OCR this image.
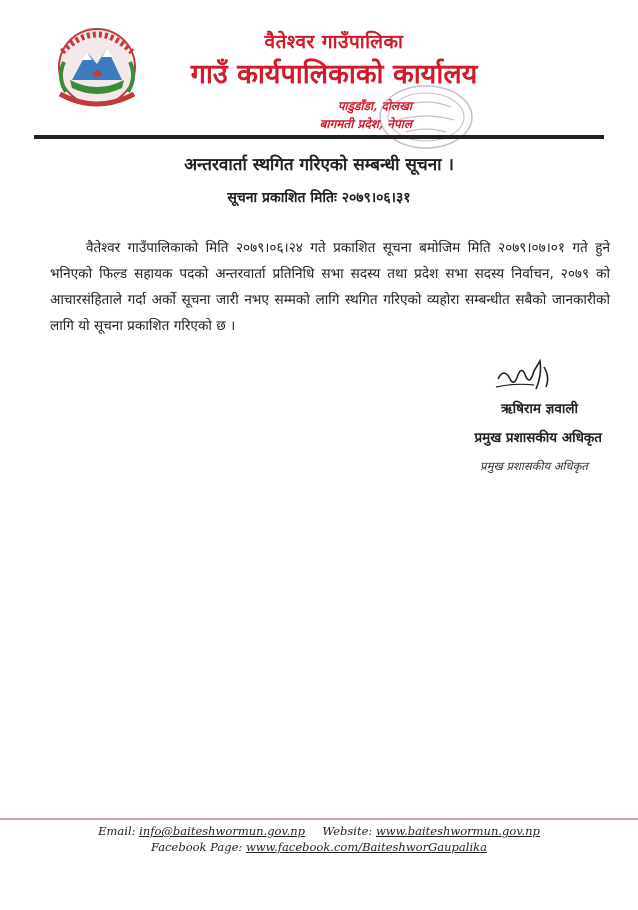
वैतेश्वर गाउँपालिका
गाउँ कार्यपालिकाको कार्यालय
पाडुडाँडा, दोलखा
बागमती प्रदेश, नेपाल
अन्तरवार्ता स्थगित गरिएको सम्बन्धी सूचना ।
सूचना प्रकाशित मितिः २०७९।०६।३१
वैतेश्वर गाउँपालिकाको मिति २०७९।०६।२४ गते प्रकाशित सूचना बमोजिम मिति २०७९।०७।०१ गते हुने भनिएको फिल्ड सहायक पदको अन्तरवार्ता प्रतिनिधि सभा सदस्य तथा प्रदेश सभा सदस्य निर्वाचन, २०७९ को आचारसंहिताले गर्दा अर्को सूचना जारी नभए सम्मको लागि स्थगित गरिएको व्यहोरा सम्बन्धीत सबैको जानकारीको लागि यो सूचना प्रकाशित गरिएको छ ।
ऋषिराम ज्ञवाली
प्रमुख प्रशासकीय अधिकृत
प्रमुख प्रशासकीय अधिकृत
Email: info@baiteshwormun.gov.np Website: www.baiteshwormun.gov.np
Facebook Page: www.facebook.com/BaiteshworGaupalika
